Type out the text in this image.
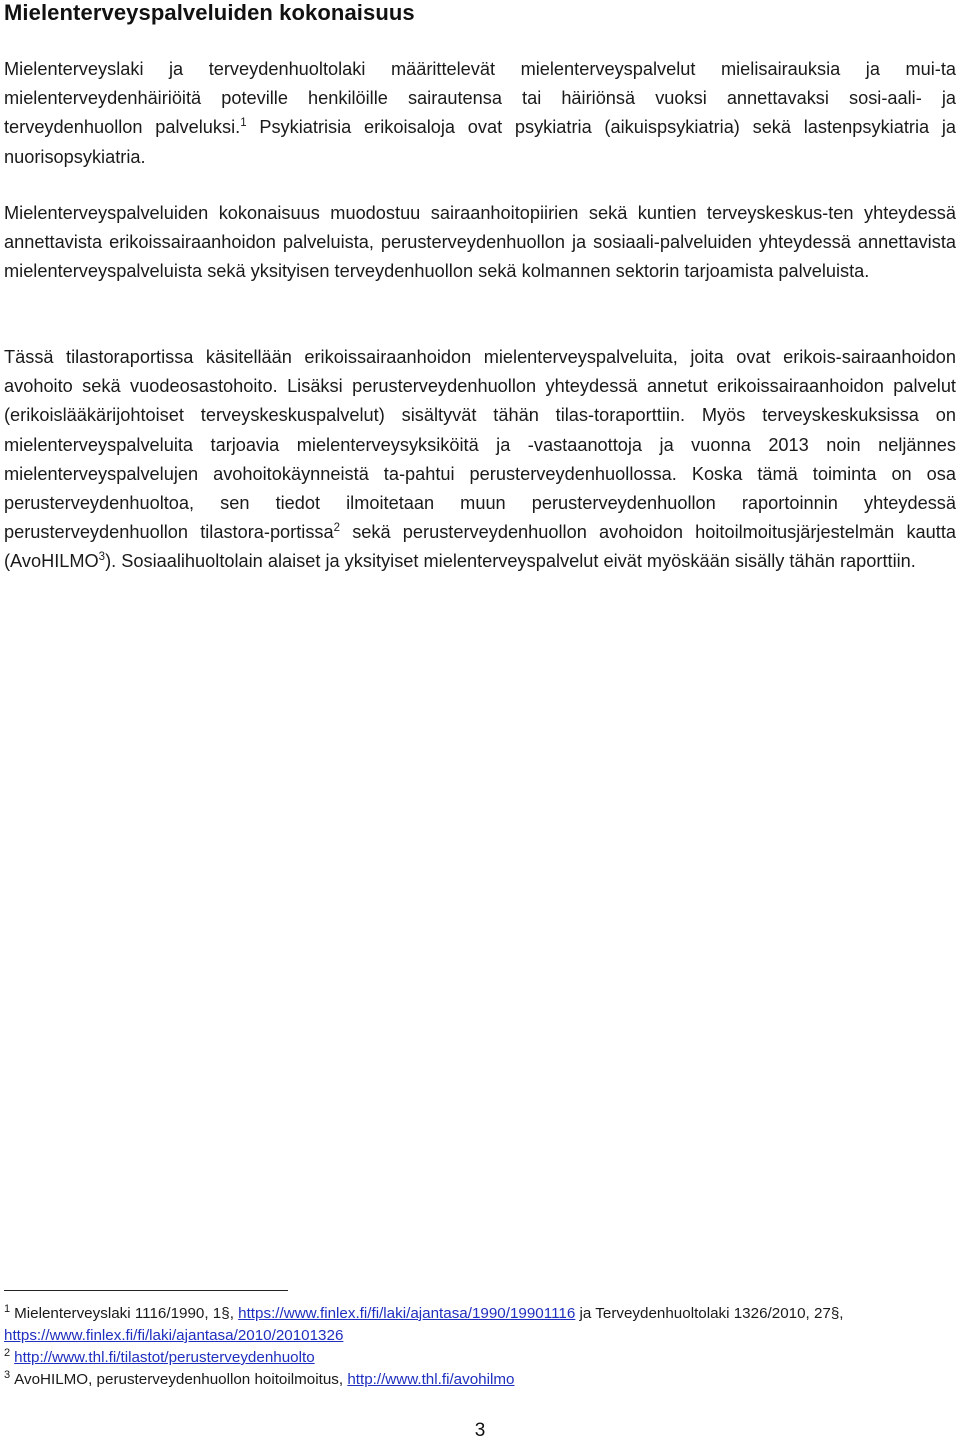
Mielenterveyspalveluiden kokonaisuus

Mielenterveyslaki ja terveydenhuoltolaki määrittelevät mielenterveyspalvelut mielisairauksia ja mui-ta mielenterveydenhäiriöitä poteville henkilöille sairautensa tai häiriönsä vuoksi annettavaksi sosi-aali- ja terveydenhuollon palveluksi.$^1$ Psykiatrisia erikoisaloja ovat psykiatria (aikuispsykiatria) sekä lastenpsykiatria ja nuorisopsykiatria.

Mielenterveyspalveluiden kokonaisuus muodostuu sairaanhoitopiirien sekä kuntien terveyskeskus-ten yhteydessä annettavista erikoissairaanhoidon palveluista, perusterveydenhuollon ja sosiaali-palveluiden yhteydessä annettavista mielenterveyspalveluista sekä yksityisen terveydenhuollon sekä kolmannen sektorin tarjoamista palveluista.

Tässä tilastoraportissa käsitellään erikoissairaanhoidon mielenterveyspalveluita, joita ovat erikois-sairaanhoidon avohoito sekä vuodeosastohoito. Lisäksi perusterveydenhuollon yhteydessä annetut erikoissairaanhoidon palvelut (erikoislääkärijohtoiset terveyskeskuspalvelut) sisältyvät tähän tilas-toraporttiin. Myös terveyskeskuksissa on mielenterveyspalveluita tarjoavia mielenterveysyksiköitä ja -vastaanottoja ja vuonna 2013 noin neljännes mielenterveyspalvelujen avohoitokäynneistä ta-pahtui perusterveydenhuollossa. Koska tämä toiminta on osa perusterveydenhuoltoa, sen tiedot ilmoitetaan muun perusterveydenhuollon raportoinnin yhteydessä perusterveydenhuollon tilastora-portissa$^2$ sekä perusterveydenhuollon avohoidon hoitoilmoitusjärjestelmän kautta (AvoHILMO$^3$). Sosiaalihuoltolain alaiset ja yksityiset mielenterveyspalvelut eivät myöskään sisälly tähän raporttiin.

$^1$ Mielenterveyslaki 1116/1990, 1§, https://www.finlex.fi/fi/laki/ajantasa/1990/19901116 ja Terveydenhuoltolaki 1326/2010, 27§, https://www.finlex.fi/fi/laki/ajantasa/2010/20101326

$^2$ http://www.thl.fi/tilastot/perusterveydenhuolto

$^3$ AvoHILMO, perusterveydenhuollon hoitoilmoitus, http://www.thl.fi/avohilmo

3
